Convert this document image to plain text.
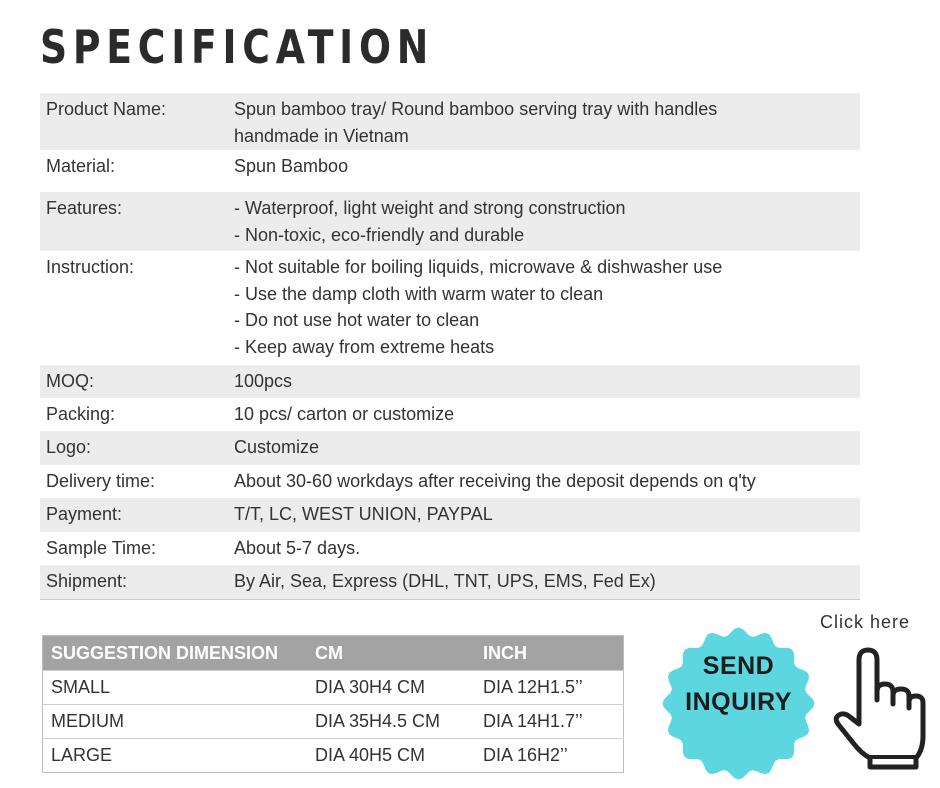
SPECIFICATION
Product Name:	Spun bamboo tray/ Round bamboo serving tray with handles
handmade in Vietnam

Material:	Spun Bamboo

Features:	- Waterproof, light weight and strong construction
- Non-toxic, eco-friendly and durable

Instruction:	- Not suitable for boiling liquids, microwave & dishwasher use
- Use the damp cloth with warm water to clean
- Do not use hot water to clean
- Keep away from extreme heats

MOQ:	100pcs

Packing:	10 pcs/ carton or customize

Logo:	Customize

Delivery time:	About 30-60 workdays after receiving the deposit depends on q'ty

Payment:	T/T, LC, WEST UNION, PAYPAL

Sample Time:	About 5-7 days.

Shipment:	By Air, Sea, Express (DHL, TNT, UPS, EMS, Fed Ex)
SUGGESTION DIMENSION	CM	INCH
SMALL	DIA 30H4 CM	DIA 12H1.5’’
MEDIUM	DIA 35H4.5 CM	DIA 14H1.7’’
LARGE	DIA 40H5 CM	DIA 16H2’’
Click here
SEND
INQUIRY
